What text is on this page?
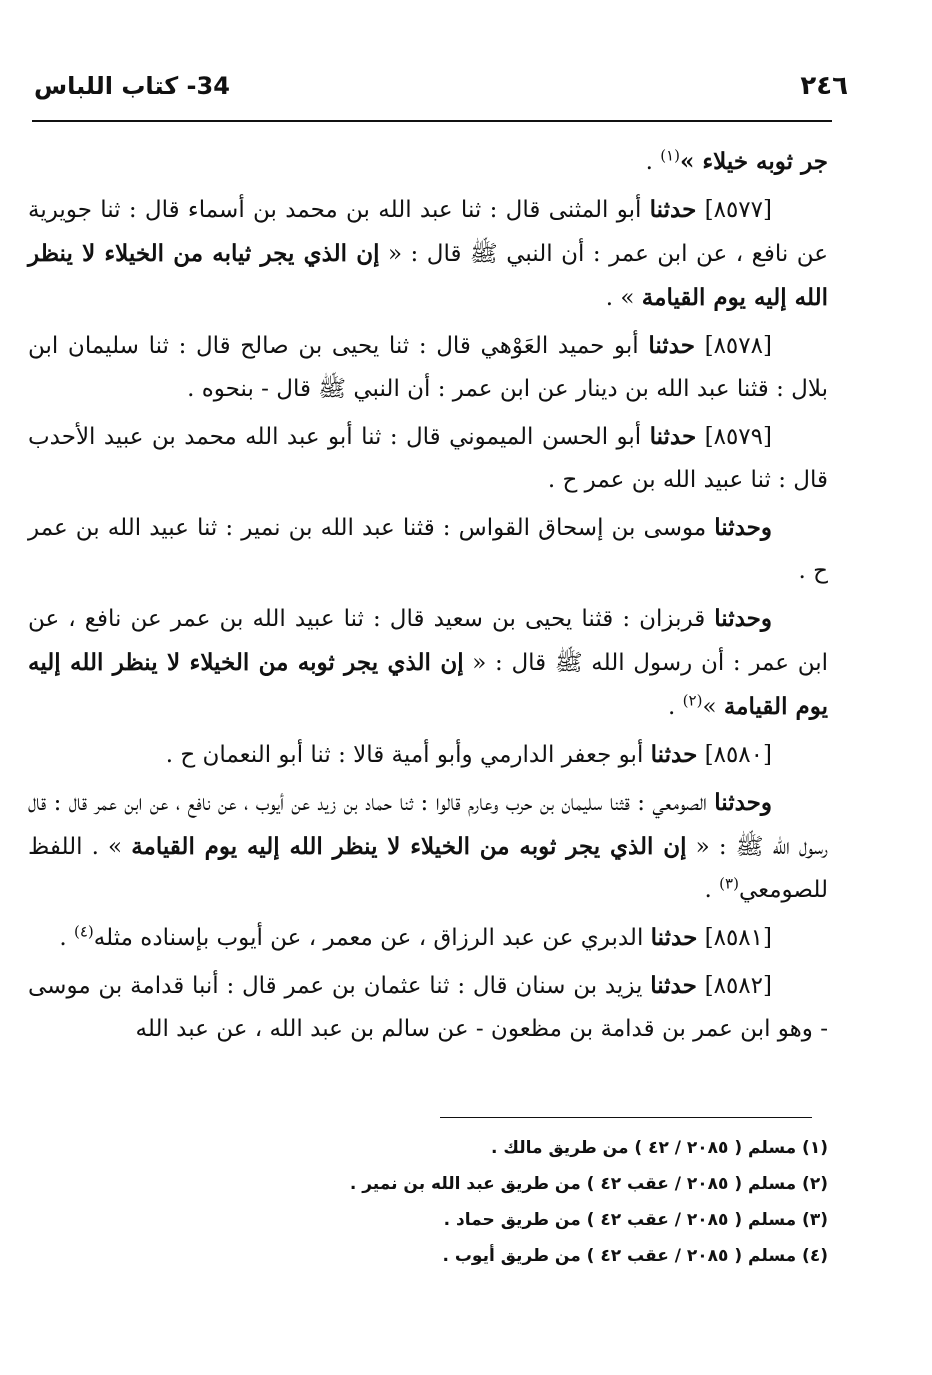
٢٤٦
34- كتاب اللباس

جر ثوبه خيلاء »$^{(١)}$ .

[٨٥٧٧] حدثنا أبو المثنى قال : ثنا عبد الله بن محمد بن أسماء قال : ثنا جويرية عن نافع ، عن ابن عمر : أن النبي ﷺ قال : « إن الذي يجر ثيابه من الخيلاء لا ينظر الله إليه يوم القيامة » .

[٨٥٧٨] حدثنا أبو حميد العَوْهي قال : ثنا يحيى بن صالح قال : ثنا سليمان ابن بلال : قثنا عبد الله بن دينار عن ابن عمر : أن النبي ﷺ قال - بنحوه .

[٨٥٧٩] حدثنا أبو الحسن الميموني قال : ثنا أبو عبد الله محمد بن عبيد الأحدب قال : ثنا عبيد الله بن عمر ح .

وحدثنا موسى بن إسحاق القواس : قثنا عبد الله بن نمير : ثنا عبيد الله بن عمر ح .

وحدثنا قربزان : قثنا يحيى بن سعيد قال : ثنا عبيد الله بن عمر عن نافع ، عن ابن عمر : أن رسول الله ﷺ قال : « إن الذي يجر ثوبه من الخيلاء لا ينظر الله إليه يوم القيامة »$^{(٢)}$ .

[٨٥٨٠] حدثنا أبو جعفر الدارمي وأبو أمية قالا : ثنا أبو النعمان ح .

وحدثنا الصومعي : قثنا سليمان بن حرب وعارم قالوا : ثنا حماد بن زيد عن أيوب ، عن نافع ، عن ابن عمر قال : قال رسول الله ﷺ : « إن الذي يجر ثوبه من الخيلاء لا ينظر الله إليه يوم القيامة » . اللفظ للصومعي$^{(٣)}$ .

[٨٥٨١] حدثنا الدبري عن عبد الرزاق ، عن معمر ، عن أيوب بإسناده مثله$^{(٤)}$ .

[٨٥٨٢] حدثنا يزيد بن سنان قال : ثنا عثمان بن عمر قال : أنبا قدامة بن موسى - وهو ابن عمر بن قدامة بن مظعون - عن سالم بن عبد الله ، عن عبد الله

(١) مسلم ( ٢٠٨٥ / ٤٢ ) من طريق مالك .

(٢) مسلم ( ٢٠٨٥ / عقب ٤٢ ) من طريق عبد الله بن نمير .

(٣) مسلم ( ٢٠٨٥ / عقب ٤٢ ) من طريق حماد .

(٤) مسلم ( ٢٠٨٥ / عقب ٤٢ ) من طريق أيوب .
